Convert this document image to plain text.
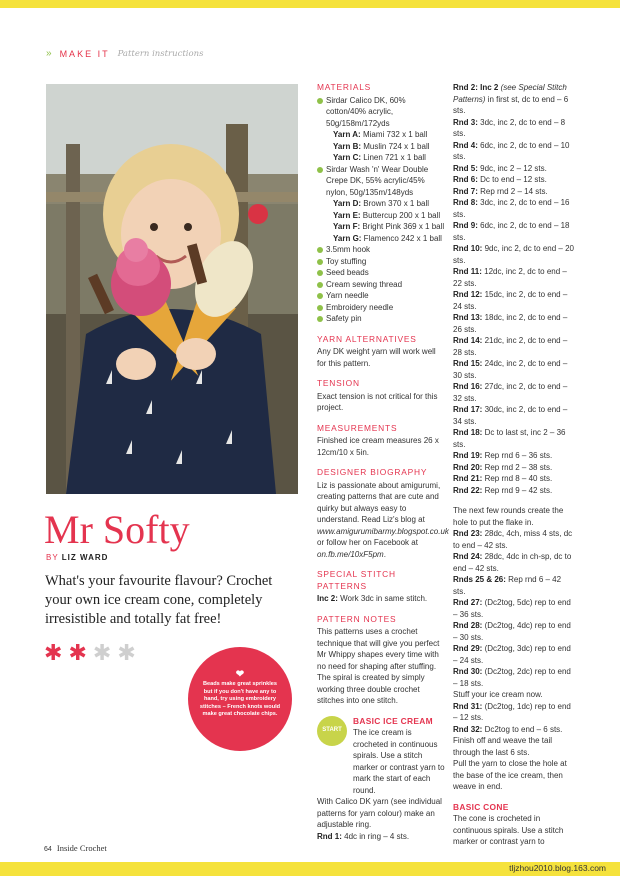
» MAKE IT Pattern instructions
Mr Softy
BY LIZ WARD

What's your favourite flavour? Crochet your own ice cream cone, completely irresistible and totally fat free!

✱ ✱ ✱ ✱
❤
Beads make great sprinkles but if you don't have any to hand, try using embroidery stitches – French knots would make great chocolate chips.
MATERIALS
Sirdar Calico DK, 60% cotton/40% acrylic, 50g/158m/172yds
Yarn A: Miami 732 x 1 ball
Yarn B: Muslin 724 x 1 ball
Yarn C: Linen 721 x 1 ball
Sirdar Wash 'n' Wear Double Crepe DK, 55% acrylic/45% nylon, 50g/135m/148yds
Yarn D: Brown 370 x 1 ball
Yarn E: Buttercup 200 x 1 ball
Yarn F: Bright Pink 369 x 1 ball
Yarn G: Flamenco 242 x 1 ball
3.5mm hook
Toy stuffing
Seed beads
Cream sewing thread
Yarn needle
Embroidery needle
Safety pin
YARN ALTERNATIVES
Any DK weight yarn will work well for this pattern.
TENSION
Exact tension is not critical for this project.
MEASUREMENTS
Finished ice cream measures 26 x 12cm/10 x 5in.
DESIGNER BIOGRAPHY
Liz is passionate about amigurumi, creating patterns that are cute and quirky but always easy to understand. Read Liz's blog at www.amigurumibarmy.blogspot.co.uk or follow her on Facebook at on.fb.me/10xF5pm.
SPECIAL STITCH PATTERNS
Inc 2: Work 3dc in same stitch.
PATTERN NOTES
This patterns uses a crochet technique that will give you perfect Mr Whippy shapes every time with no need for shaping after stuffing. The spiral is created by simply working three double crochet stitches into one stitch.
START
BASIC ICE CREAM
The ice cream is crocheted in continuous spirals. Use a stitch marker or contrast yarn to mark the start of each round.
With Calico DK yarn (see individual patterns for yarn colour) make an adjustable ring.
Rnd 1: 4dc in ring – 4 sts.
Rnd 2: Inc 2 (see Special Stitch Patterns) in first st, dc to end – 6 sts.
Rnd 3: 3dc, inc 2, dc to end – 8 sts.
Rnd 4: 6dc, inc 2, dc to end – 10 sts.
Rnd 5: 9dc, inc 2 – 12 sts.
Rnd 6: Dc to end – 12 sts.
Rnd 7: Rep rnd 2 – 14 sts.
Rnd 8: 3dc, inc 2, dc to end – 16 sts.
Rnd 9: 6dc, inc 2, dc to end – 18 sts.
Rnd 10: 9dc, inc 2, dc to end – 20 sts.
Rnd 11: 12dc, inc 2, dc to end – 22 sts.
Rnd 12: 15dc, inc 2, dc to end – 24 sts.
Rnd 13: 18dc, inc 2, dc to end – 26 sts.
Rnd 14: 21dc, inc 2, dc to end – 28 sts.
Rnd 15: 24dc, inc 2, dc to end – 30 sts.
Rnd 16: 27dc, inc 2, dc to end – 32 sts.
Rnd 17: 30dc, inc 2, dc to end – 34 sts.
Rnd 18: Dc to last st, inc 2 – 36 sts.
Rnd 19: Rep rnd 6 – 36 sts.
Rnd 20: Rep rnd 2 – 38 sts.
Rnd 21: Rep rnd 8 – 40 sts.
Rnd 22: Rep rnd 9 – 42 sts.
The next few rounds create the hole to put the flake in.
Rnd 23: 28dc, 4ch, miss 4 sts, dc to end – 42 sts.
Rnd 24: 28dc, 4dc in ch-sp, dc to end – 42 sts.
Rnds 25 & 26: Rep rnd 6 – 42 sts.
Rnd 27: (Dc2tog, 5dc) rep to end – 36 sts.
Rnd 28: (Dc2tog, 4dc) rep to end – 30 sts.
Rnd 29: (Dc2tog, 3dc) rep to end – 24 sts.
Rnd 30: (Dc2tog, 2dc) rep to end – 18 sts.
Stuff your ice cream now.
Rnd 31: (Dc2tog, 1dc) rep to end – 12 sts.
Rnd 32: Dc2tog to end – 6 sts.
Finish off and weave the tail through the last 6 sts.
Pull the yarn to close the hole at the base of the ice cream, then weave in end.
BASIC CONE
The cone is crocheted in continuous spirals. Use a stitch marker or contrast yarn to
64 Inside Crochet
tljzhou2010.blog.163.com
